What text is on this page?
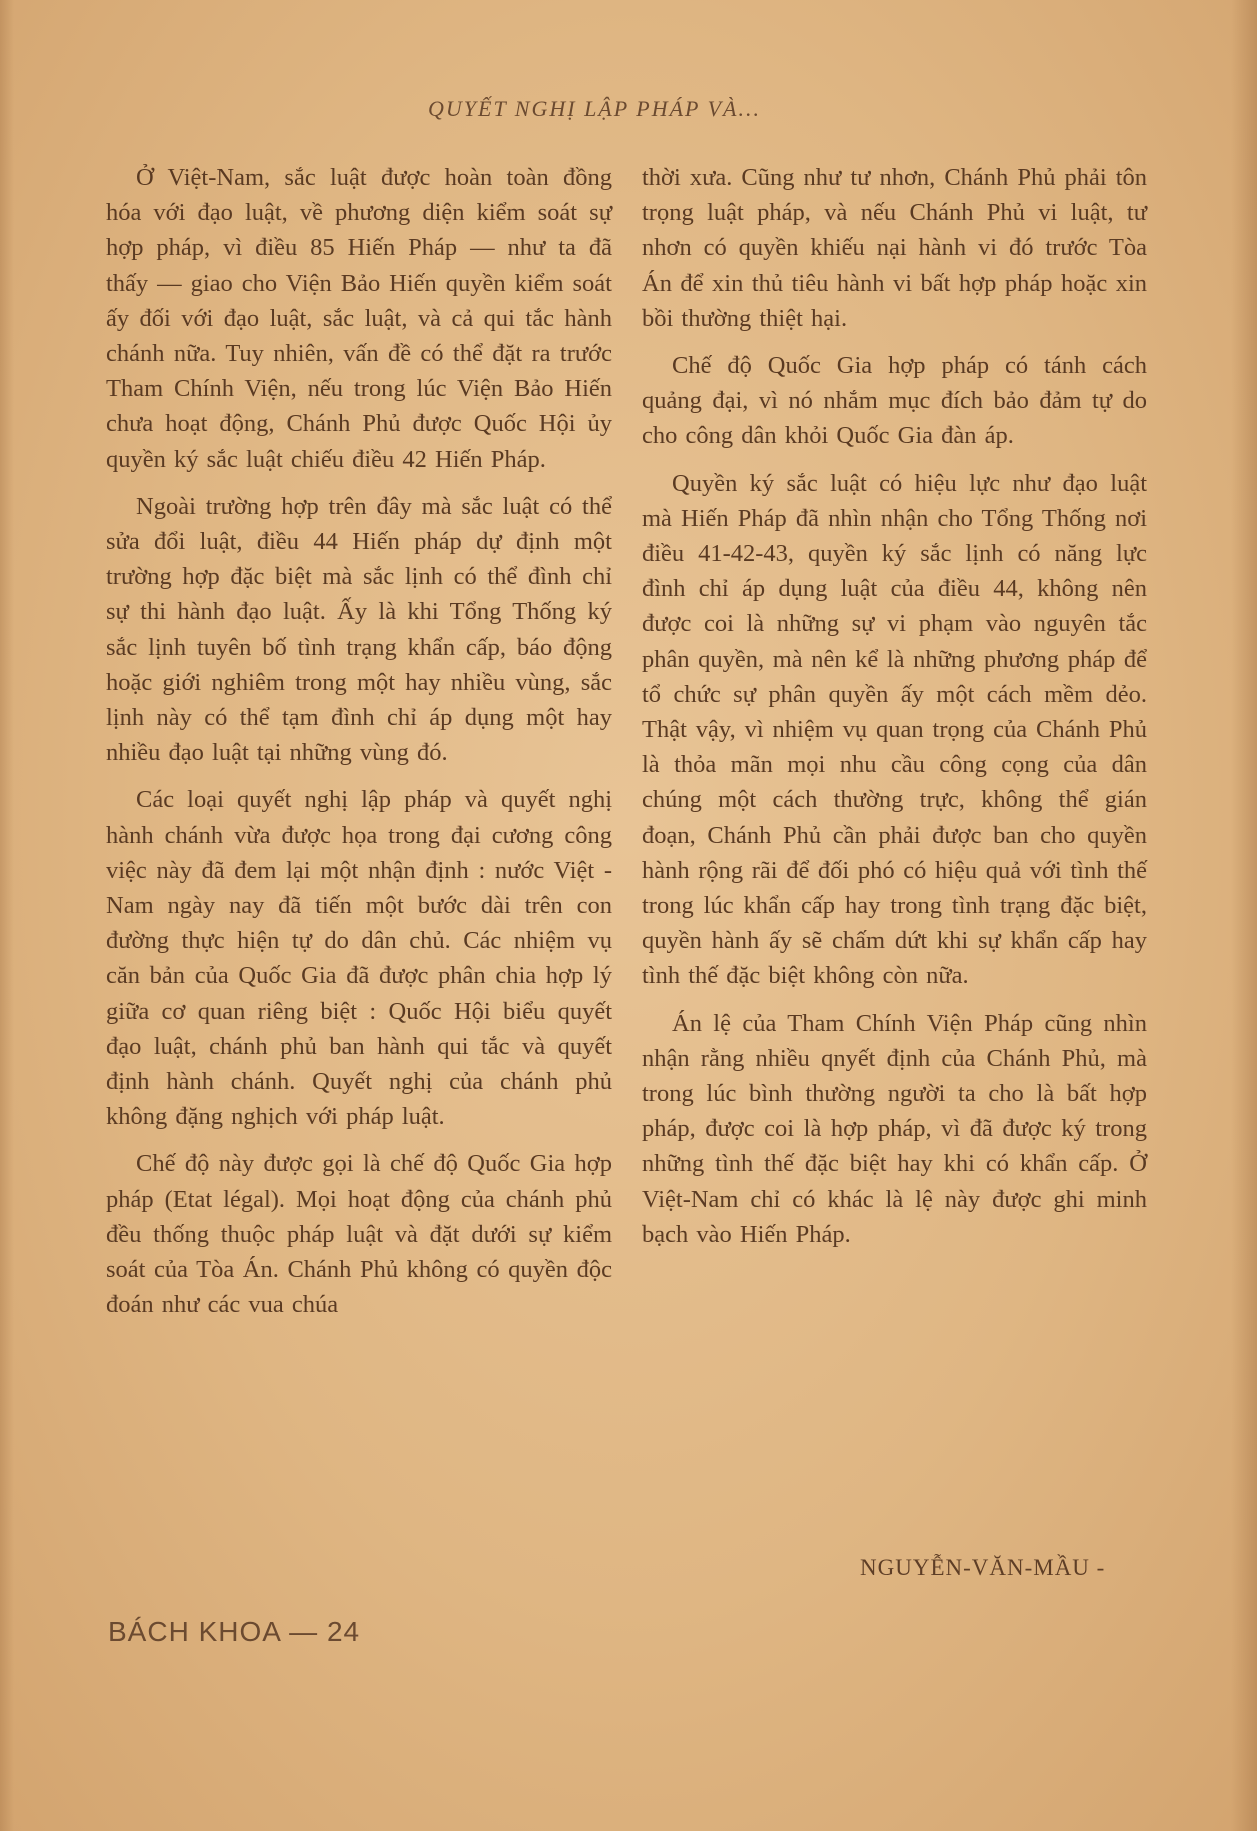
QUYẾT NGHỊ LẬP PHÁP VÀ...

Ở Việt-Nam, sắc luật được hoàn toàn đồng hóa với đạo luật, về phương diện kiểm soát sự hợp pháp, vì điều 85 Hiến Pháp — như ta đã thấy — giao cho Viện Bảo Hiến quyền kiểm soát ấy đối với đạo luật, sắc luật, và cả qui tắc hành chánh nữa. Tuy nhiên, vấn đề có thể đặt ra trước Tham Chính Viện, nếu trong lúc Viện Bảo Hiến chưa hoạt động, Chánh Phủ được Quốc Hội ủy quyền ký sắc luật chiếu điều 42 Hiến Pháp.

Ngoài trường hợp trên đây mà sắc luật có thể sửa đổi luật, điều 44 Hiến pháp dự định một trường hợp đặc biệt mà sắc lịnh có thể đình chỉ sự thi hành đạo luật. Ấy là khi Tổng Thống ký sắc lịnh tuyên bố tình trạng khẩn cấp, báo động hoặc giới nghiêm trong một hay nhiều vùng, sắc lịnh này có thể tạm đình chỉ áp dụng một hay nhiều đạo luật tại những vùng đó.

Các loại quyết nghị lập pháp và quyết nghị hành chánh vừa được họa trong đại cương công việc này đã đem lại một nhận định : nước Việt - Nam ngày nay đã tiến một bước dài trên con đường thực hiện tự do dân chủ. Các nhiệm vụ căn bản của Quốc Gia đã được phân chia hợp lý giữa cơ quan riêng biệt : Quốc Hội biểu quyết đạo luật, chánh phủ ban hành qui tắc và quyết định hành chánh. Quyết nghị của chánh phủ không đặng nghịch với pháp luật.

Chế độ này được gọi là chế độ Quốc Gia hợp pháp (Etat légal). Mọi hoạt động của chánh phủ đều thống thuộc pháp luật và đặt dưới sự kiểm soát của Tòa Án. Chánh Phủ không có quyền độc đoán như các vua chúa

thời xưa. Cũng như tư nhơn, Chánh Phủ phải tôn trọng luật pháp, và nếu Chánh Phủ vi luật, tư nhơn có quyền khiếu nại hành vi đó trước Tòa Án để xin thủ tiêu hành vi bất hợp pháp hoặc xin bồi thường thiệt hại.

Chế độ Quốc Gia hợp pháp có tánh cách quảng đại, vì nó nhắm mục đích bảo đảm tự do cho công dân khỏi Quốc Gia đàn áp.

Quyền ký sắc luật có hiệu lực như đạo luật mà Hiến Pháp đã nhìn nhận cho Tổng Thống nơi điều 41-42-43, quyền ký sắc lịnh có năng lực đình chỉ áp dụng luật của điều 44, không nên được coi là những sự vi phạm vào nguyên tắc phân quyền, mà nên kể là những phương pháp để tổ chức sự phân quyền ấy một cách mềm dẻo. Thật vậy, vì nhiệm vụ quan trọng của Chánh Phủ là thỏa mãn mọi nhu cầu công cọng của dân chúng một cách thường trực, không thể gián đoạn, Chánh Phủ cần phải được ban cho quyền hành rộng rãi để đối phó có hiệu quả với tình thế trong lúc khẩn cấp hay trong tình trạng đặc biệt, quyền hành ấy sẽ chấm dứt khi sự khẩn cấp hay tình thế đặc biệt không còn nữa.

Án lệ của Tham Chính Viện Pháp cũng nhìn nhận rằng nhiều qnyết định của Chánh Phủ, mà trong lúc bình thường người ta cho là bất hợp pháp, được coi là hợp pháp, vì đã được ký trong những tình thế đặc biệt hay khi có khẩn cấp. Ở Việt-Nam chỉ có khác là lệ này được ghi minh bạch vào Hiến Pháp.

NGUYỄN-VĂN-MẦU -
BÁCH KHOA — 24
